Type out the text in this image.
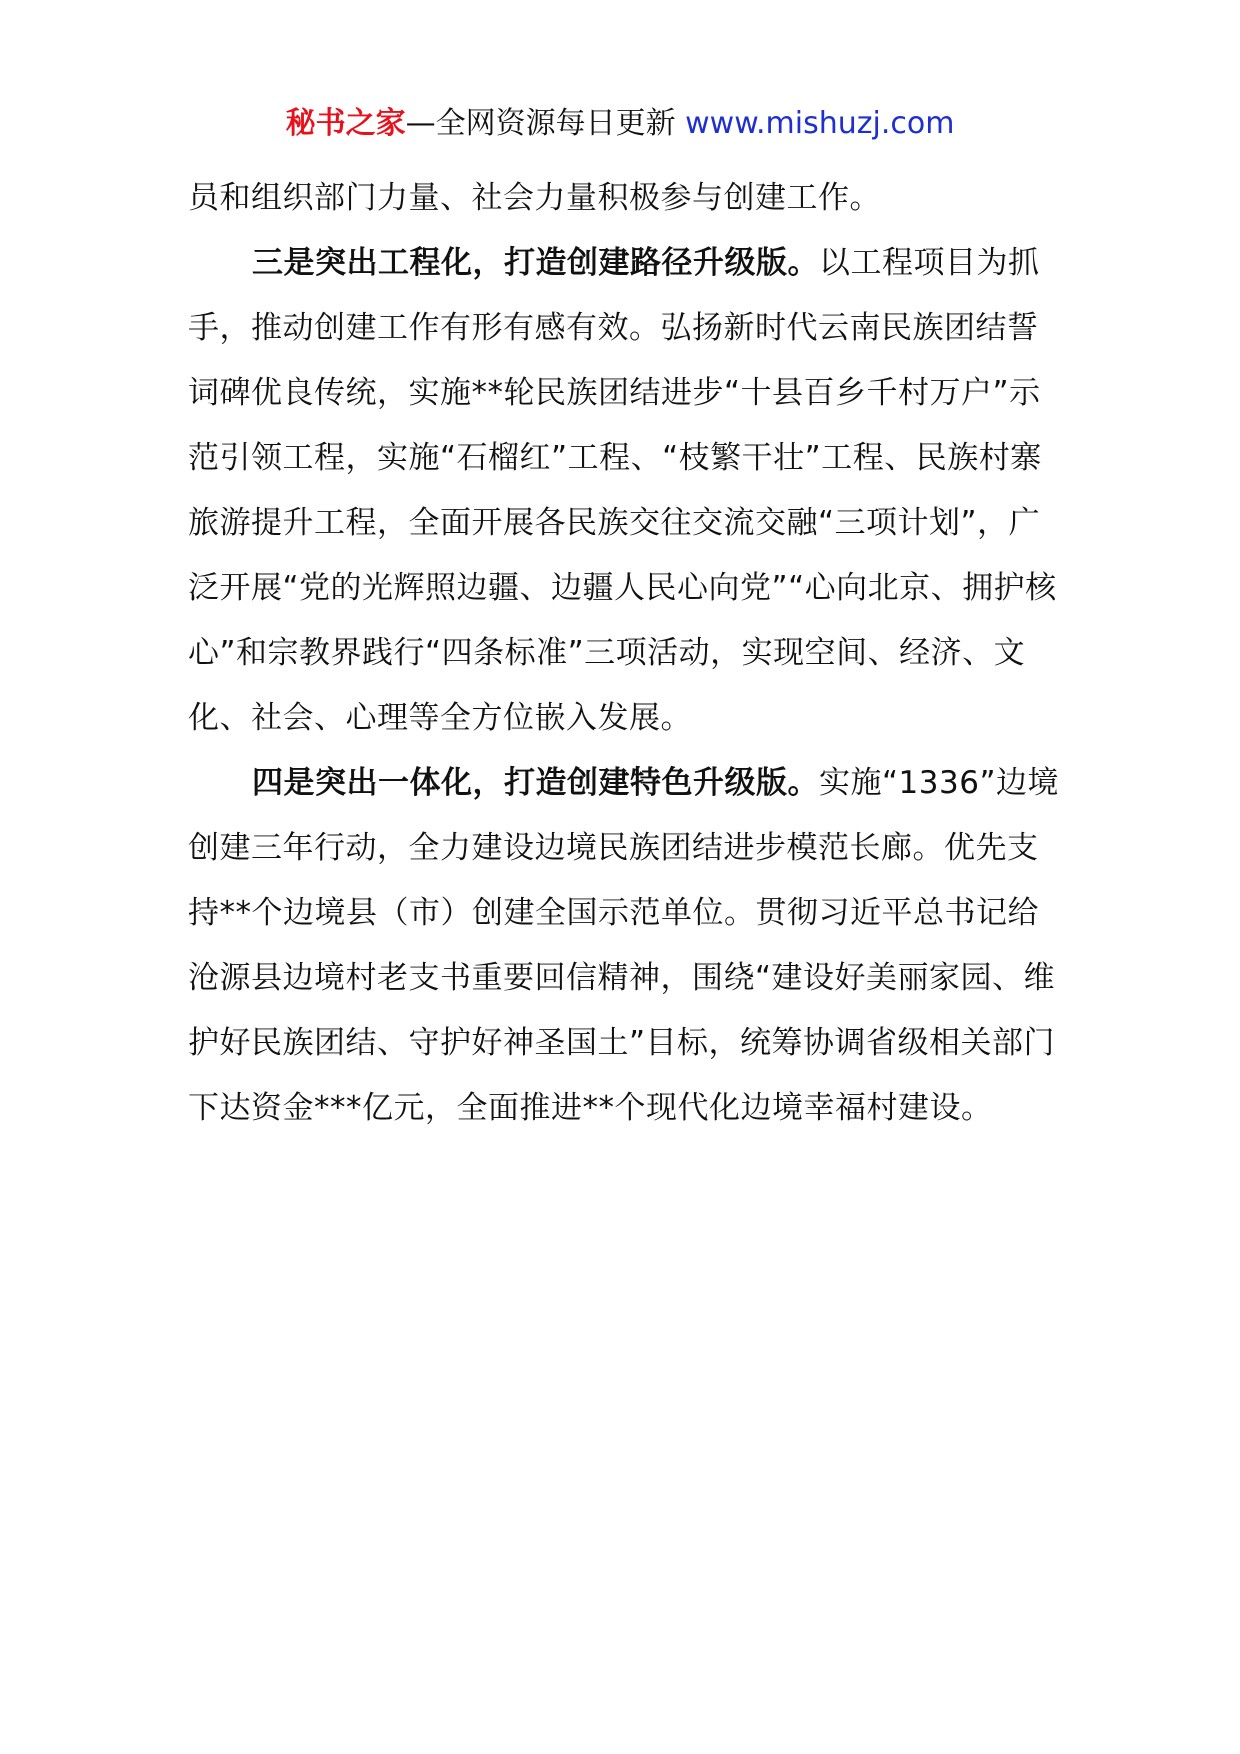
秘书之家—全网资源每日更新 www.mishuzj.com

员和组织部门力量、社会力量积极参与创建工作。

三是突出工程化，打造创建路径升级版。以工程项目为抓手，推动创建工作有形有感有效。弘扬新时代云南民族团结誓词碑优良传统，实施**轮民族团结进步“十县百乡千村万户”示范引领工程，实施“石榴红”工程、“枝繁干壮”工程、民族村寨旅游提升工程，全面开展各民族交往交流交融“三项计划”，广泛开展“党的光辉照边疆、边疆人民心向党”“心向北京、拥护核心”和宗教界践行“四条标准”三项活动，实现空间、经济、文化、社会、心理等全方位嵌入发展。

四是突出一体化，打造创建特色升级版。实施“1336”边境创建三年行动，全力建设边境民族团结进步模范长廊。优先支持**个边境县（市）创建全国示范单位。贯彻习近平总书记给沧源县边境村老支书重要回信精神，围绕“建设好美丽家园、维护好民族团结、守护好神圣国土”目标，统筹协调省级相关部门下达资金***亿元，全面推进**个现代化边境幸福村建设。
